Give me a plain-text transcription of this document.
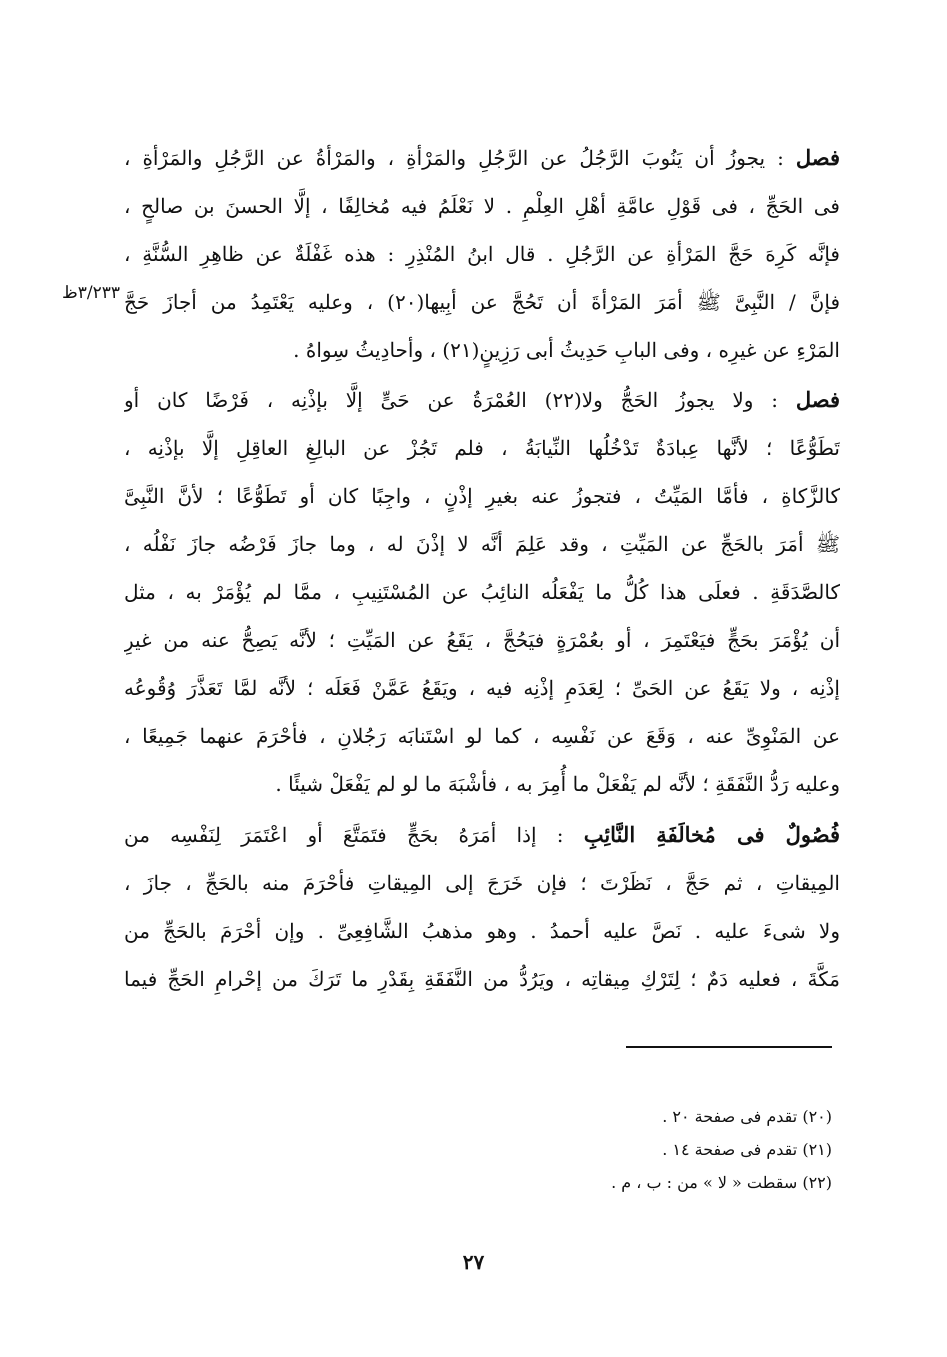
فصل : يجوزُ أن يَنُوبَ الرَّجُلُ عن الرَّجُلِ والمَرْأةِ ، والمَرْأةُ عن الرَّجُلِ والمَرْأةِ ،
فى الحَجِّ ، فى قَوْلِ عامَّةِ أهْلِ العِلْمِ . لا نَعْلَمُ فيه مُخالِفًا ، إلَّا الحسنَ بن صالحٍ ،
فإنَّه كَرِهَ حَجَّ المَرْأةِ عن الرَّجُلِ . قال ابنُ المُنْذِرِ : هذه غَفْلَةٌ عن ظاهِرِ السُّنَّةِ ،
فإنَّ / النَّبِىَّ ﷺ أمَرَ المَرْأةَ أن تَحُجَّ عن أبِيها(٢٠) ، وعليه يَعْتَمِدُ من أجازَ حَجَّ
المَرْءِ عن غيرِه ، وفى البابِ حَدِيثُ أبى رَزِينٍ(٢١) ، وأحادِيثُ سِواهُ .
٣/٢٣٣ظ
فصل : ولا يجوزُ الحَجُّ ولا(٢٢) العُمْرَةُ عن حَىٍّ إلَّا بإذْنِه ، فَرْضًا كان أو
تَطَوُّعًا ؛ لأنَّها عِبادَةٌ تَدْخُلُها النِّيابَةُ ، فلم تَجُزْ عن البالِغِ العاقِلِ إلَّا بإذْنِه ،
كالزَّكاةِ ، فأمَّا المَيِّتُ ، فتجوزُ عنه بغيرِ إذْنٍ ، واجِبًا كان أو تَطَوُّعًا ؛ لأنَّ النَّبِىَّ
ﷺ أمَرَ بالحَجِّ عن المَيِّتِ ، وقد عَلِمَ أنَّه لا إذْنَ له ، وما جازَ فَرْضُه جازَ نَفْلُه ،
كالصَّدَقَةِ . فعلَى هذا كُلُّ ما يَفْعَلُه النائِبُ عن المُسْتَنِيبِ ، ممَّا لم يُؤْمَرْ به ، مثل
أن يُؤْمَرَ بحَجٍّ فيَعْتَمِرَ ، أو بعُمْرَةٍ فيَحُجَّ ، يَقَعُ عن المَيِّتِ ؛ لأنَّه يَصِحُّ عنه من غيرِ
إذْنِه ، ولا يَقَعُ عن الحَىِّ ؛ لِعَدَمِ إذْنِه فيه ، ويَقَعُ عَمَّنْ فَعَلَه ؛ لأنَّه لمَّا تَعَذَّرَ وُقُوعُه
عن المَنْوِىِّ عنه ، وَقَعَ عن نَفْسِه ، كما لو اسْتَنابَه رَجُلانِ ، فأحْرَمَ عنهما جَمِيعًا ،
وعليه رَدُّ النَّفَقَةِ ؛ لأنَّه لم يَفْعَلْ ما أُمِرَ به ، فأشْبَهَ ما لو لم يَفْعَلْ شيئًا .
فُصُولٌ فى مُخالَفَةِ النَّائِبِ : إذا أمَرَهُ بحَجٍّ فتَمَتَّعَ أو اعْتَمَرَ لِنَفْسِه من
المِيقاتِ ، ثم حَجَّ ، نَظَرْتَ ؛ فإن خَرَجَ إلى المِيقاتِ فأحْرَمَ منه بالحَجِّ ، جازَ ،
ولا شىءَ عليه . نَصَّ عليه أحمدُ . وهو مذهبُ الشَّافِعِىِّ . وإن أحْرَمَ بالحَجِّ من
مَكَّةَ ، فعليه دَمٌ ؛ لِتَرْكِ مِيقاتِه ، ويَرُدُّ من النَّفَقَةِ بِقَدْرِ ما تَرَكَ من إحْرامِ الحَجِّ فيما
(٢٠) تقدم فى صفحة ٢٠ .
(٢١) تقدم فى صفحة ١٤ .
(٢٢) سقطت « لا » من : ب ، م .
٢٧
